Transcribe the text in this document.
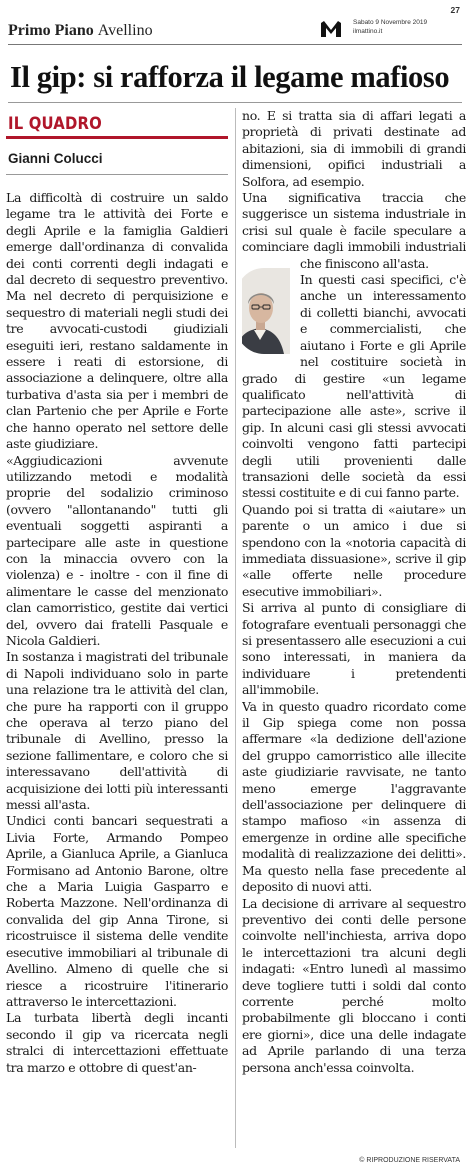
Primo Piano Avellino	Sabato 9 Novembre 2019
ilmattino.it
27
Il gip: si rafforza il legame mafioso
IL QUADRO
Gianni Colucci
La difficoltà di costruire un saldo legame tra le attività dei Forte e degli Aprile e la famiglia Galdieri emerge dall'ordinanza di convalida dei conti correnti degli indagati e dal decreto di sequestro preventivo. Ma nel decreto di perquisizione e sequestro di materiali negli studi dei tre avvocati-custodi giudiziali eseguiti ieri, restano saldamente in essere i reati di estorsione, di associazione a delinquere, oltre alla turbativa d'asta sia per i membri de clan Partenio che per Aprile e Forte che hanno operato nel settore delle aste giudiziare.
«Aggiudicazioni avvenute utilizzando metodi e modalità proprie del sodalizio criminoso (ovvero "allontanando" tutti gli eventuali soggetti aspiranti a partecipare alle aste in questione con la minaccia ovvero con la violenza) e - inoltre - con il fine di alimentare le casse del menzionato clan camorristico, gestite dai vertici del, ovvero dai fratelli Pasquale e Nicola Galdieri.
In sostanza i magistrati del tribunale di Napoli individuano solo in parte una relazione tra le attività del clan, che pure ha rapporti con il gruppo che operava al terzo piano del tribunale di Avellino, presso la sezione fallimentare, e coloro che si interessavano dell'attività di acquisizione dei lotti più interessanti messi all'asta.
Undici conti bancari sequestrati a Livia Forte, Armando Pompeo Aprile, a Gianluca Aprile, a Gianluca Formisano ad Antonio Barone, oltre che a Maria Luigia Gasparro e Roberta Mazzone. Nell'ordinanza di convalida del gip Anna Tirone, si ricostruisce il sistema delle vendite esecutive immobiliari al tribunale di Avellino. Almeno di quelle che si riesce a ricostruire l'itinerario attraverso le intercettazioni.
La turbata libertà degli incanti secondo il gip va ricercata negli stralci di intercettazioni effettuate tra marzo e ottobre di quest'an-
no. E si tratta sia di affari legati a proprietà di privati destinate ad abitazioni, sia di immobili di grandi dimensioni, opifici industriali a Solfora, ad esempio.
Una significativa traccia che suggerisce un sistema industriale in crisi sul quale è facile speculare a cominciare dagli immobili industriali che finiscono all'asta.
In questi casi specifici, c'è anche un interessamento di colletti bianchi, avvocati e commercialisti, che aiutano i Forte e gli Aprile nel costituire società in grado di gestire «un legame qualificato nell'attività di partecipazione alle aste», scrive il gip. In alcuni casi gli stessi avvocati coinvolti vengono fatti partecipi degli utili provenienti dalle transazioni delle società da essi stessi costituite e di cui fanno parte.
Quando poi si tratta di «aiutare» un parente o un amico i due si spendono con la «notoria capacità di immediata dissuasione», scrive il gip «alle offerte nelle procedure esecutive immobiliari».
Si arriva al punto di consigliare di fotografare eventuali personaggi che si presentassero alle esecuzioni a cui sono interessati, in maniera da individuare i pretendenti all'immobile.
Va in questo quadro ricordato come il Gip spiega come non possa affermare «la dedizione dell'azione del gruppo camorristico alle illecite aste giudiziarie ravvisate, ne tanto meno emerge l'aggravante dell'associazione per delinquere di stampo mafioso «in assenza di emergenze in ordine alle specifiche modalità di realizzazione dei delitti». Ma questo nella fase precedente al deposito di nuovi atti.
La decisione di arrivare al sequestro preventivo dei conti delle persone coinvolte nell'inchiesta, arriva dopo le intercettazioni tra alcuni degli indagati: «Entro lunedì al massimo deve togliere tutti i soldi dal conto corrente perché molto probabilmente gli bloccano i conti ere giorni», dice una delle indagate ad Aprile parlando di una terza persona anch'essa coinvolta.
© RIPRODUZIONE RISERVATA
